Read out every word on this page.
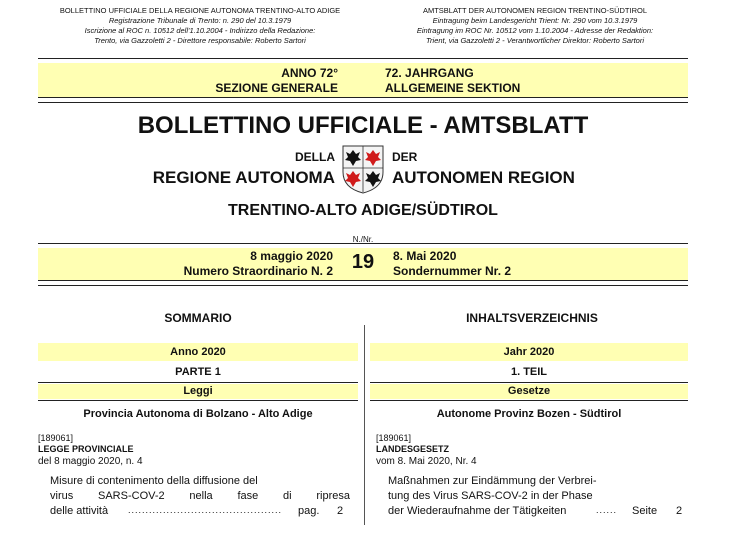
BOLLETTINO UFFICIALE DELLA REGIONE AUTONOMA TRENTINO-ALTO ADIGE
Registrazione Tribunale di Trento: n. 290 del 10.3.1979
Iscrizione al ROC n. 10512 dell'1.10.2004 - Indirizzo della Redazione:
Trento, via Gazzoletti 2 - Direttore responsabile: Roberto Sartori
AMTSBLATT DER AUTONOMEN REGION TRENTINO-SÜDTIROL
Eintragung beim Landesgericht Trient: Nr. 290 vom 10.3.1979
Eintragung im ROC Nr. 10512 vom 1.10.2004 - Adresse der Redaktion:
Trient, via Gazzoletti 2 - Verantwortlicher Direktor: Roberto Sartori
ANNO 72°
SEZIONE GENERALE
72. JAHRGANG
ALLGEMEINE SEKTION
BOLLETTINO UFFICIALE - AMTSBLATT
DELLA	DER
REGIONE AUTONOMA	AUTONOMEN REGION
TRENTINO-ALTO ADIGE/SÜDTIROL
N./Nr.
8 maggio 2020
Numero Straordinario N. 2 19	8. Mai 2020
Sondernummer Nr. 2
SOMMARIO
Anno 2020
PARTE 1
Leggi
Provincia Autonoma di Bolzano - Alto Adige
[189061]
LEGGE PROVINCIALE
del 8 maggio 2020, n. 4
Misure di contenimento della diffusione del
virus SARS-COV-2 nella fase di ripresa
delle attività ............................................ pag. 2
INHALTSVERZEICHNIS
Jahr 2020
1. TEIL
Gesetze
Autonome Provinz Bozen - Südtirol
[189061]
LANDESGESETZ
vom 8. Mai 2020, Nr. 4
Maßnahmen zur Eindämmung der Verbrei-
tung des Virus SARS-COV-2 in der Phase
der Wiederaufnahme der Tätigkeiten	...... Seite 2
